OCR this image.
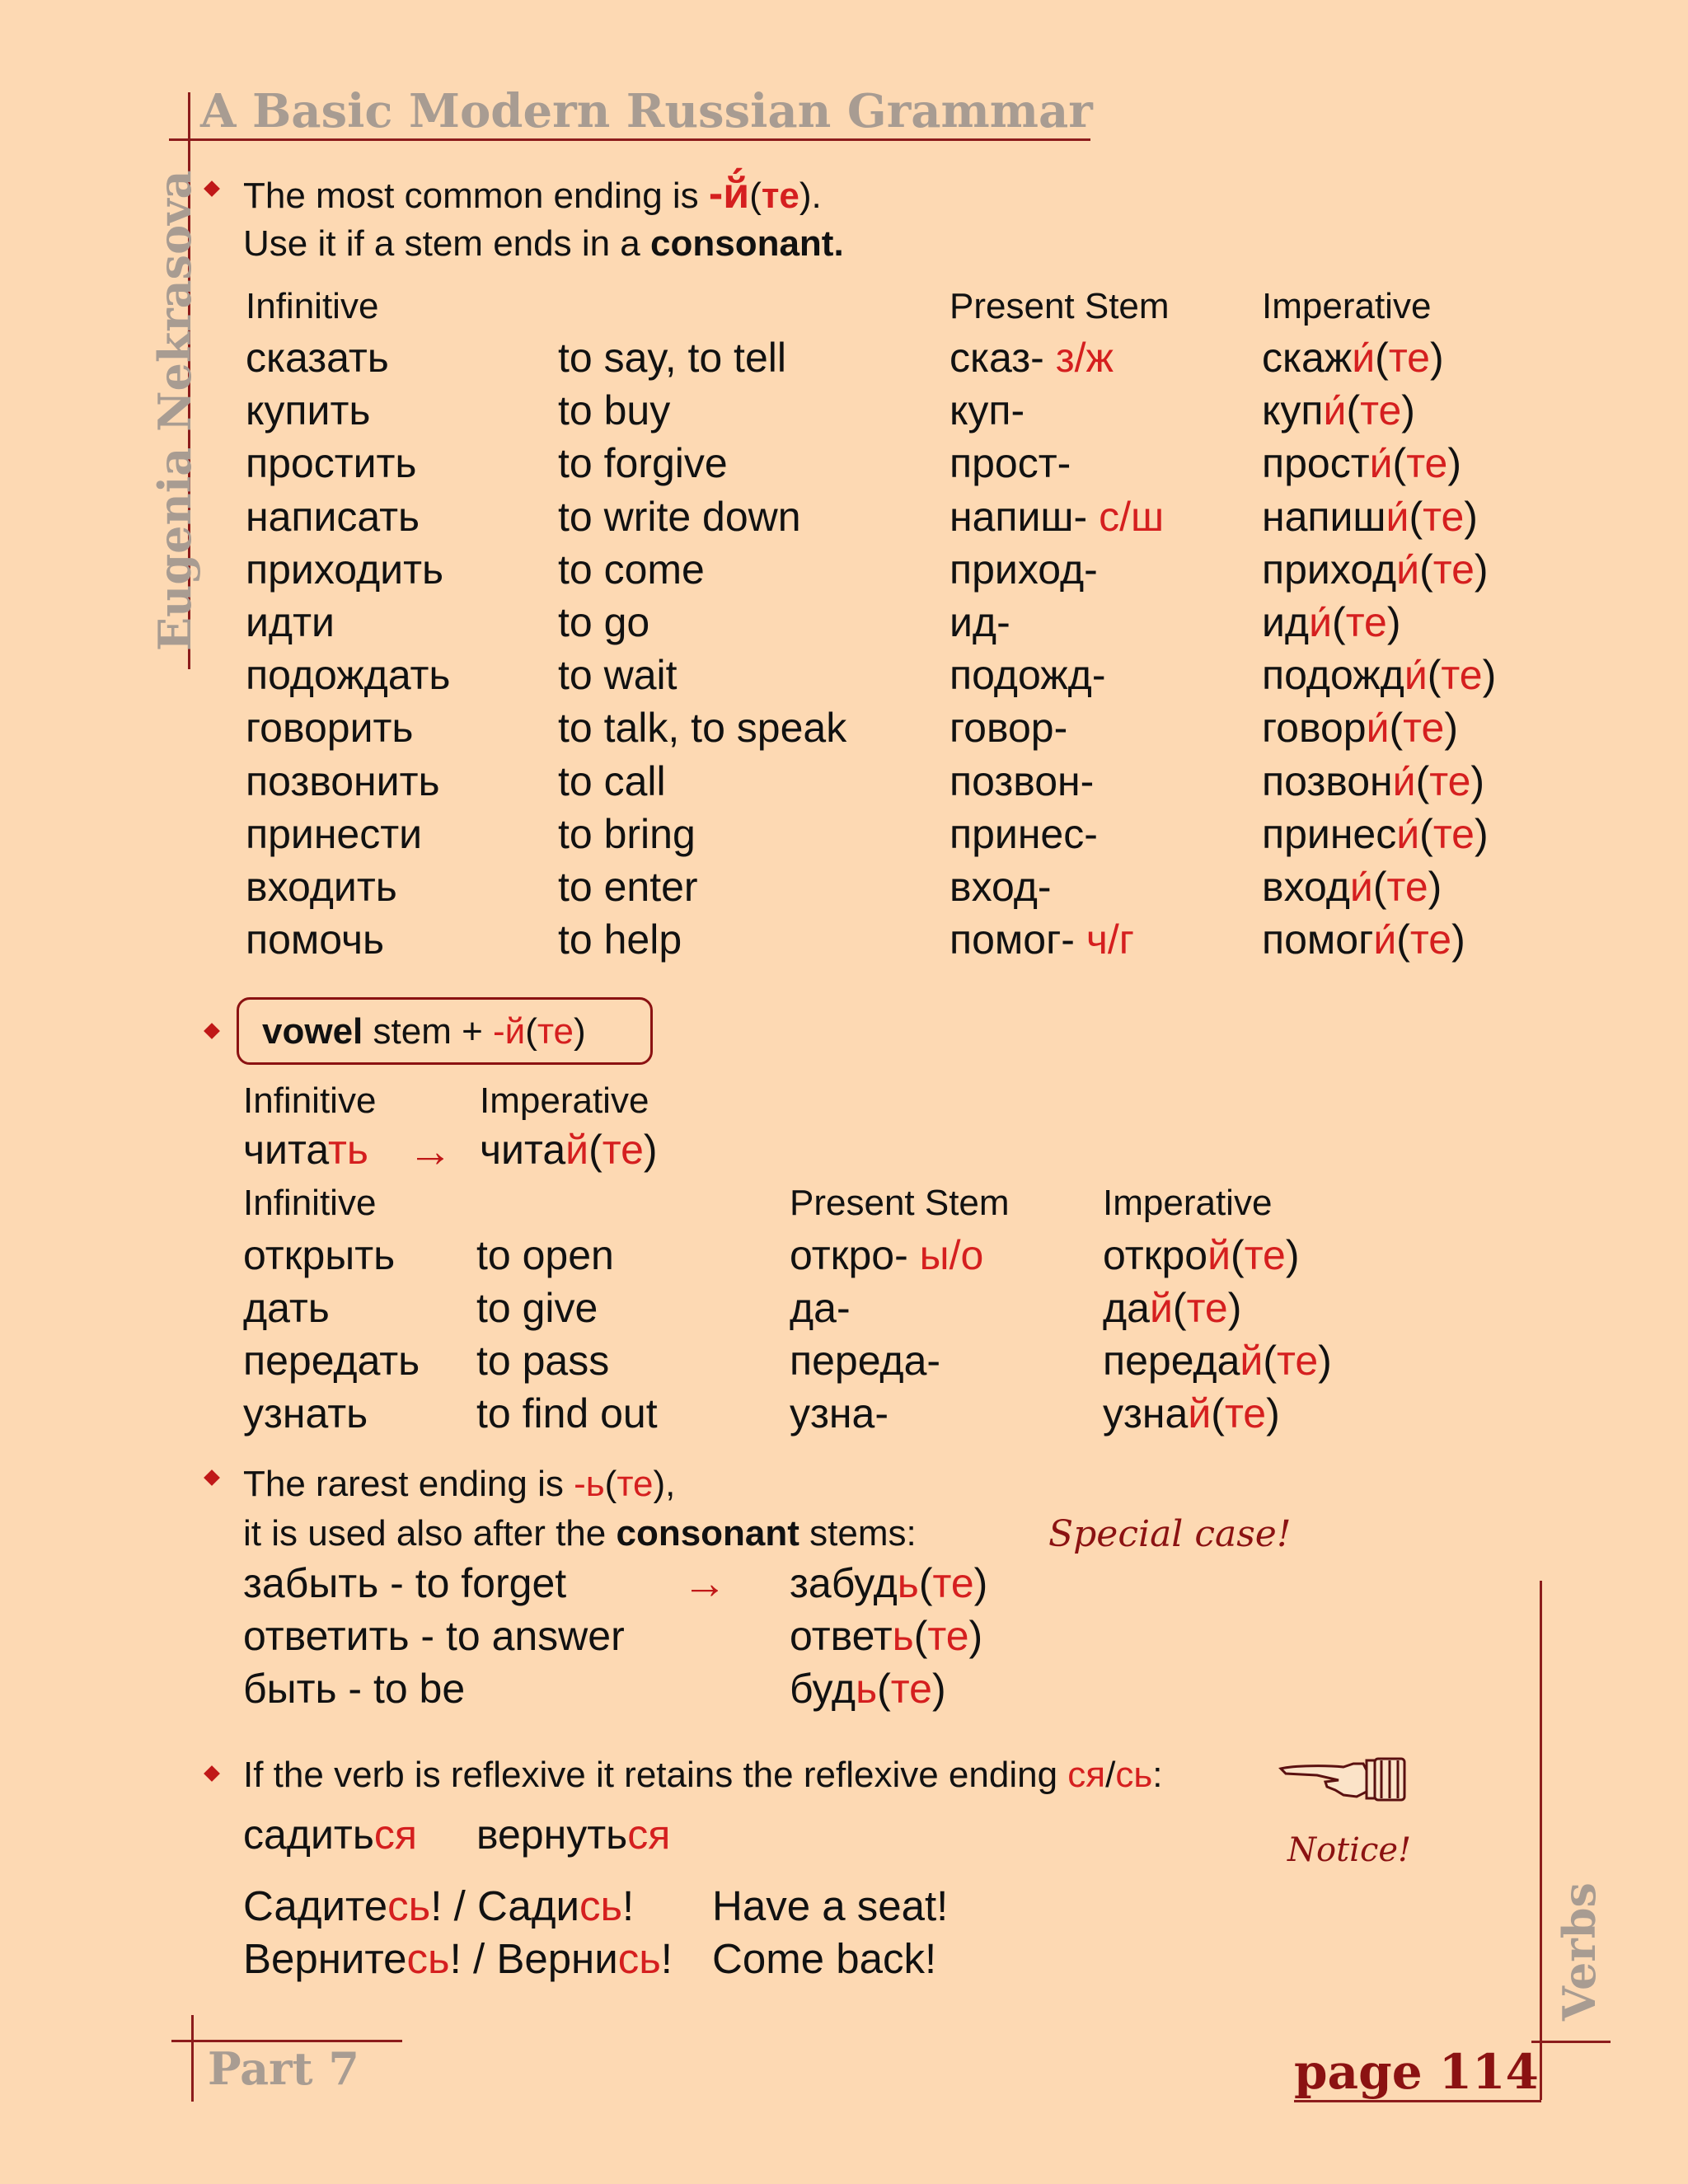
A Basic Modern Russian Grammar
Eugenia Nekrasova
Part 7	page 114
Verbs
The most common ending is -й́(те).
Use it if a stem ends in a consonant.
Infinitive	Present Stem	Imperative
сказать	to say, to tell	сказ- з/ж	скажи́(те)
купить	to buy	куп-	купи́(те)
простить	to forgive	прост-	прости́(те)
написать	to write down	напиш- с/ш напиши́(те)
приходить	to come	приход-	приходи́(те)
идти	to go	ид-	иди́(те)
подождать	to wait	подожд-	подожди́(те)
говорить	to talk, to speak говор-	говори́(те)
позвонить	to call	позвон-	позвони́(те)
принести	to bring	принес-	принеси́(те)
входить	to enter	вход-	входи́(те)
помочь	to help	помог- ч/г	помоги́(те)
vowel stem + -й(те)
Infinitive	Imperative
читать → читай(те)
Infinitive	Present Stem	Imperative
открыть to open	откро- ы/о	открой(те)
дать	to give	да-	дай(те)
передать to pass	переда-	передай(те)
узнать	to find out	узна-	узнай(те)
The rarest ending is -ь(те),
it is used also after the consonant stems:	Special case!
→
забыть - to forget	забудь(те)
ответить - to answer	ответь(те)
быть - to be	будь(те)
If the verb is reflexive it retains the reflexive ending ся/сь:
Notice!
садиться вернуться
Садитесь! / Садись! Have a seat!
Вернитесь! / Вернись! Come back!
